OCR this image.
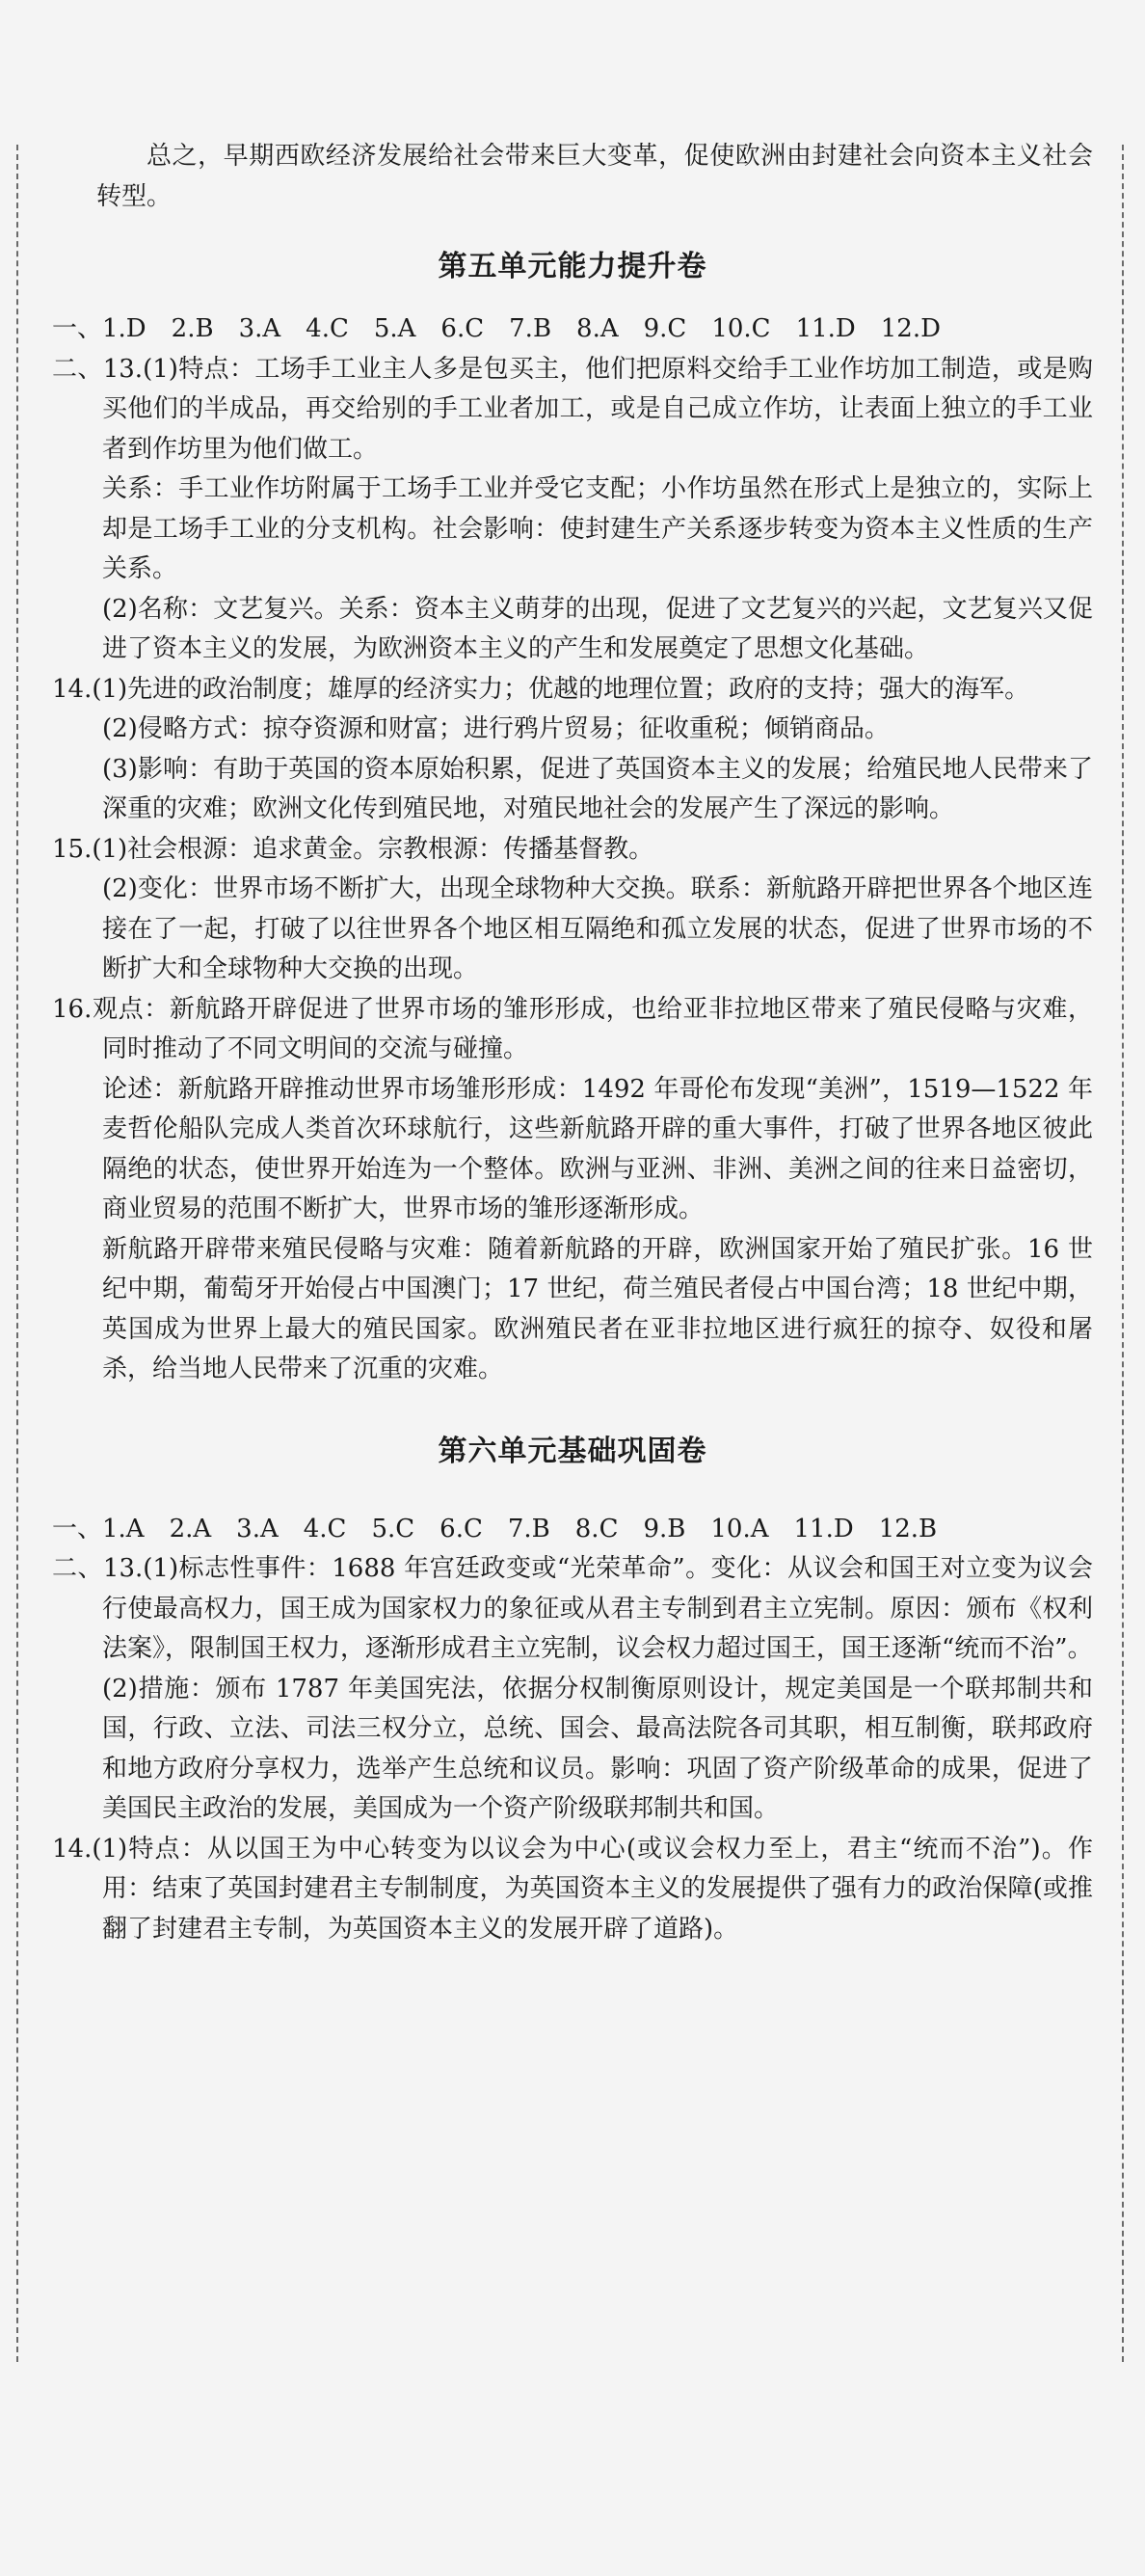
总之，早期西欧经济发展给社会带来巨大变革，促使欧洲由封建社会向资本主义社会转型。

第五单元能力提升卷

一、1.D　2.B　3.A　4.C　5.A　6.C　7.B　8.A　9.C　10.C　11.D　12.D

二、13.(1)特点：工场手工业主人多是包买主，他们把原料交给手工业作坊加工制造，或是购买他们的半成品，再交给别的手工业者加工，或是自己成立作坊，让表面上独立的手工业者到作坊里为他们做工。

关系：手工业作坊附属于工场手工业并受它支配；小作坊虽然在形式上是独立的，实际上却是工场手工业的分支机构。社会影响：使封建生产关系逐步转变为资本主义性质的生产关系。

(2)名称：文艺复兴。关系：资本主义萌芽的出现，促进了文艺复兴的兴起，文艺复兴又促进了资本主义的发展，为欧洲资本主义的产生和发展奠定了思想文化基础。

14.(1)先进的政治制度；雄厚的经济实力；优越的地理位置；政府的支持；强大的海军。

(2)侵略方式：掠夺资源和财富；进行鸦片贸易；征收重税；倾销商品。

(3)影响：有助于英国的资本原始积累，促进了英国资本主义的发展；给殖民地人民带来了深重的灾难；欧洲文化传到殖民地，对殖民地社会的发展产生了深远的影响。

15.(1)社会根源：追求黄金。宗教根源：传播基督教。

(2)变化：世界市场不断扩大，出现全球物种大交换。联系：新航路开辟把世界各个地区连接在了一起，打破了以往世界各个地区相互隔绝和孤立发展的状态，促进了世界市场的不断扩大和全球物种大交换的出现。

16.观点：新航路开辟促进了世界市场的雏形形成，也给亚非拉地区带来了殖民侵略与灾难，同时推动了不同文明间的交流与碰撞。

论述：新航路开辟推动世界市场雏形形成：1492 年哥伦布发现“美洲”，1519—1522 年麦哲伦船队完成人类首次环球航行，这些新航路开辟的重大事件，打破了世界各地区彼此隔绝的状态，使世界开始连为一个整体。欧洲与亚洲、非洲、美洲之间的往来日益密切，商业贸易的范围不断扩大，世界市场的雏形逐渐形成。

新航路开辟带来殖民侵略与灾难：随着新航路的开辟，欧洲国家开始了殖民扩张。16 世纪中期，葡萄牙开始侵占中国澳门；17 世纪，荷兰殖民者侵占中国台湾；18 世纪中期，英国成为世界上最大的殖民国家。欧洲殖民者在亚非拉地区进行疯狂的掠夺、奴役和屠杀，给当地人民带来了沉重的灾难。

第六单元基础巩固卷

一、1.A　2.A　3.A　4.C　5.C　6.C　7.B　8.C　9.B　10.A　11.D　12.B

二、13.(1)标志性事件：1688 年宫廷政变或“光荣革命”。变化：从议会和国王对立变为议会行使最高权力，国王成为国家权力的象征或从君主专制到君主立宪制。原因：颁布《权利法案》，限制国王权力，逐渐形成君主立宪制，议会权力超过国王，国王逐渐“统而不治”。

(2)措施：颁布 1787 年美国宪法，依据分权制衡原则设计，规定美国是一个联邦制共和国，行政、立法、司法三权分立，总统、国会、最高法院各司其职，相互制衡，联邦政府和地方政府分享权力，选举产生总统和议员。影响：巩固了资产阶级革命的成果，促进了美国民主政治的发展，美国成为一个资产阶级联邦制共和国。

14.(1)特点：从以国王为中心转变为以议会为中心(或议会权力至上，君主“统而不治”)。作用：结束了英国封建君主专制制度，为英国资本主义的发展提供了强有力的政治保障(或推翻了封建君主专制，为英国资本主义的发展开辟了道路)。
